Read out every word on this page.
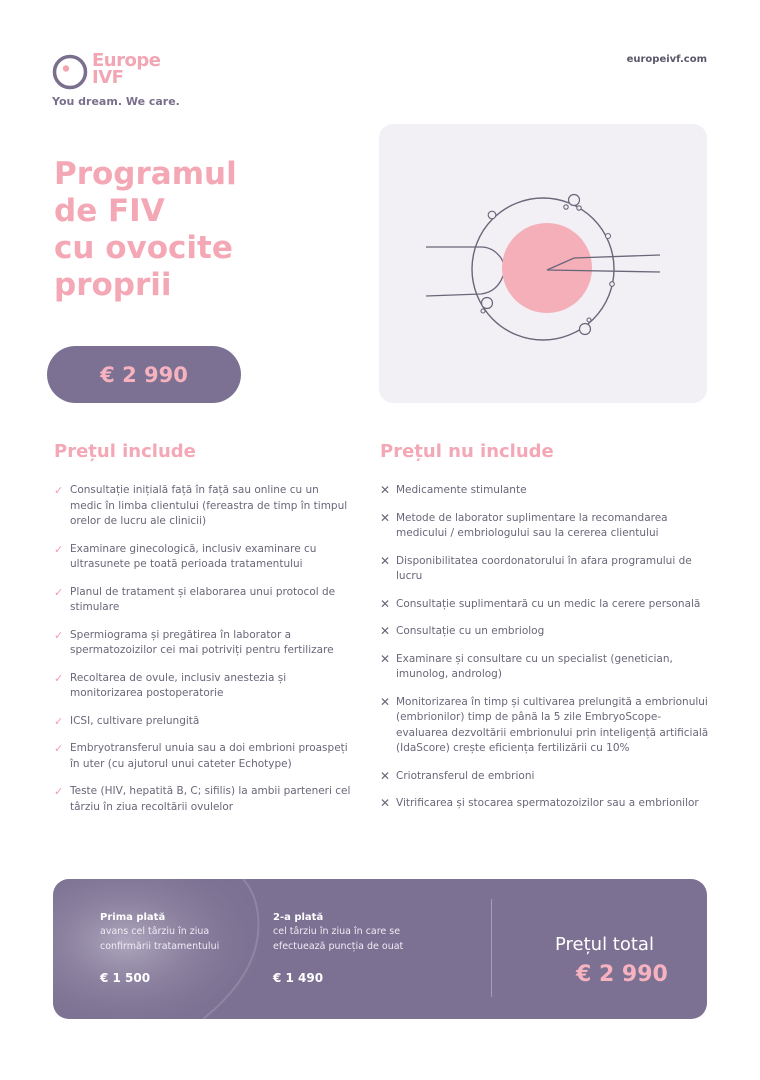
Europe
IVF
You dream. We care.
europeivf.com
Programul
de FIV
cu ovocite
proprii
€ 2 990
Prețul include
✓ Consultație inițială față în față sau online cu un medic în limba clientului (fereastra de timp în timpul orelor de lucru ale clinicii)
✓ Examinare ginecologică, inclusiv examinare cu ultrasunete pe toată perioada tratamentului
✓ Planul de tratament și elaborarea unui protocol de stimulare
✓ Spermiograma și pregătirea în laborator a spermatozoizilor cei mai potriviți pentru fertilizare
✓ Recoltarea de ovule, inclusiv anestezia și monitorizarea postoperatorie
✓ ICSI, cultivare prelungită
✓ Embryotransferul unuia sau a doi embrioni proaspeți în uter (cu ajutorul unui cateter Echotype)
✓ Teste (HIV, hepatită B, C; sifilis) la ambii parteneri cel târziu în ziua recoltării ovulelor
Prețul nu include
✕ Medicamente stimulante
✕ Metode de laborator suplimentare la recomandarea medicului / embriologului sau la cererea clientului
✕ Disponibilitatea coordonatorului în afara programului de lucru
✕ Consultație suplimentară cu un medic la cerere personală
✕ Consultație cu un embriolog
✕ Examinare și consultare cu un specialist (genetician, imunolog, androlog)
✕ Monitorizarea în timp și cultivarea prelungită a embrionului (embrionilor) timp de până la 5 zile EmbryoScope- evaluarea dezvoltării embrionului prin inteligență artificială (IdaScore) crește eficiența fertilizării cu 10%
✕ Criotransferul de embrioni
✕ Vitrificarea și stocarea spermatozoizilor sau a embrionilor
Prima plată
avans cel târziu în ziua
confirmării tratamentului
€ 1 500
2-a plată
cel târziu în ziua în care se
efectuează puncția de ouat
€ 1 490
Prețul total
€ 2 990
